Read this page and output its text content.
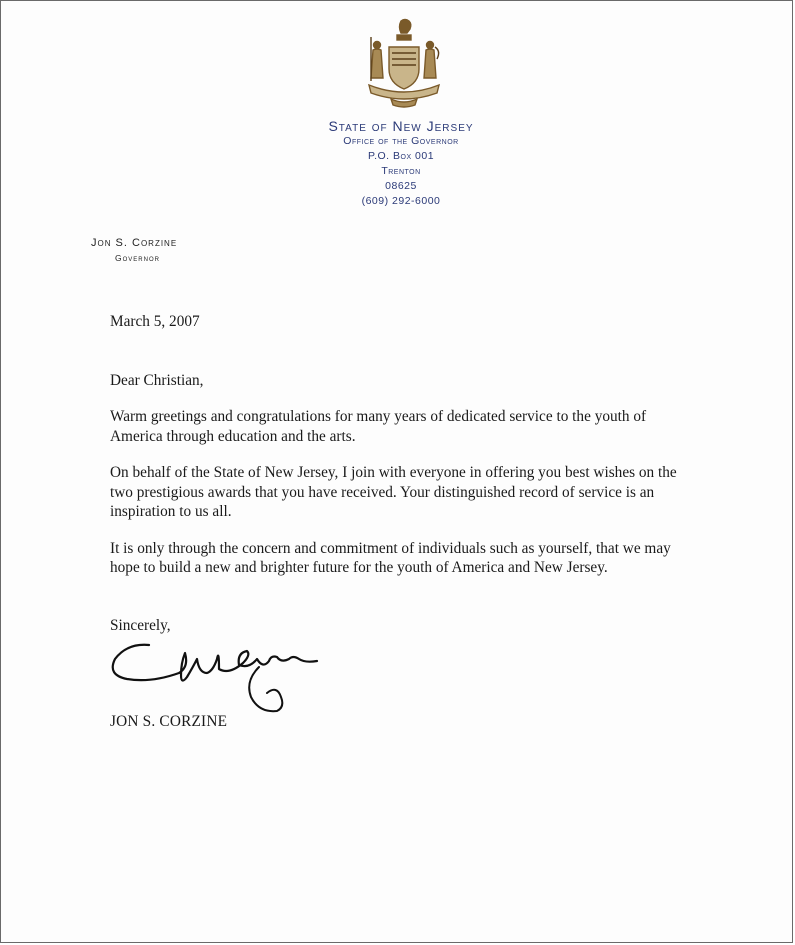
State of New Jersey
Office of the Governor
P.O. Box 001
Trenton
08625
(609) 292-6000
Jon S. Corzine
Governor

March 5, 2007

Dear Christian,

Warm greetings and congratulations for many years of dedicated service to the youth of America through education and the arts.

On behalf of the State of New Jersey, I join with everyone in offering you best wishes on the two prestigious awards that you have received. Your distinguished record of service is an inspiration to us all.

It is only through the concern and commitment of individuals such as yourself, that we may hope to build a new and brighter future for the youth of America and New Jersey.

Sincerely,
JON S. CORZINE
